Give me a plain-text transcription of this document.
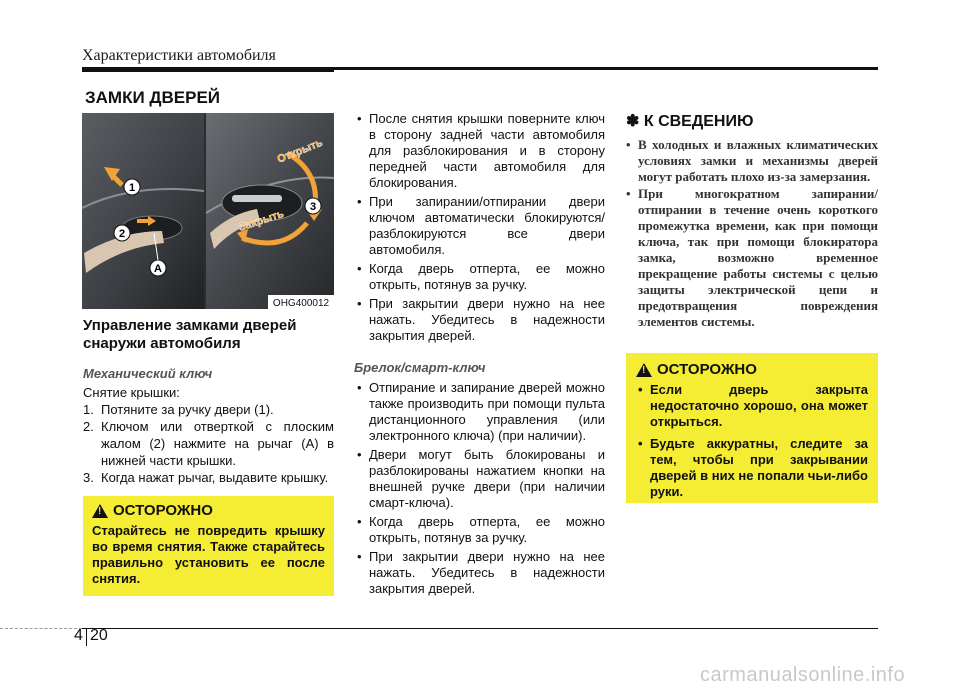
Характеристики автомобиля
ЗАМКИ ДВЕРЕЙ
1
2
A
3
Открыть
Закрыть
OHG400012
Управление замками дверей снаружи автомобиля
Механический ключ
Снятие крышки:
1. Потяните за ручку двери (1).
2. Ключом или отверткой с плоским жалом (2) нажмите на рычаг (A) в нижней части крышки.
3. Когда нажат рычаг, выдавите крышку.
! ОСТОРОЖНО
Старайтесь не повредить крышку во время снятия. Также старайтесь правильно установить ее после снятия.
• После снятия крышки поверните ключ в сторону задней части автомобиля для разблокирования и в сторону передней части автомобиля для блокирования.
• При запирании/отпирании двери ключом автоматически блокируются/разблокируются все двери автомобиля.
• Когда дверь отперта, ее можно открыть, потянув за ручку.
• При закрытии двери нужно на нее нажать. Убедитесь в надежности закрытия дверей.
Брелок/смарт-ключ
• Отпирание и запирание дверей можно также производить при помощи пульта дистанционного управления (или электронного ключа) (при наличии).
• Двери могут быть блокированы и разблокированы нажатием кнопки на внешней ручке двери (при наличии смарт-ключа).
• Когда дверь отперта, ее можно открыть, потянув за ручку.
• При закрытии двери нужно на нее нажать. Убедитесь в надежности закрытия дверей.
✽ К СВЕДЕНИЮ
• В холодных и влажных климатических условиях замки и механизмы дверей могут работать плохо из-за замерзания.
• При многократном запирании/отпирании в течение очень короткого промежутка времени, как при помощи ключа, так при помощи блокиратора замка, возможно временное прекращение работы системы с целью защиты электрической цепи и предотвращения повреждения элементов системы.
! ОСТОРОЖНО
• Если дверь закрыта недостаточно хорошо, она может открыться.
• Будьте аккуратны, следите за тем, чтобы при закрывании дверей в них не попали чьи-либо руки.
4 20
carmanualsonline.info
